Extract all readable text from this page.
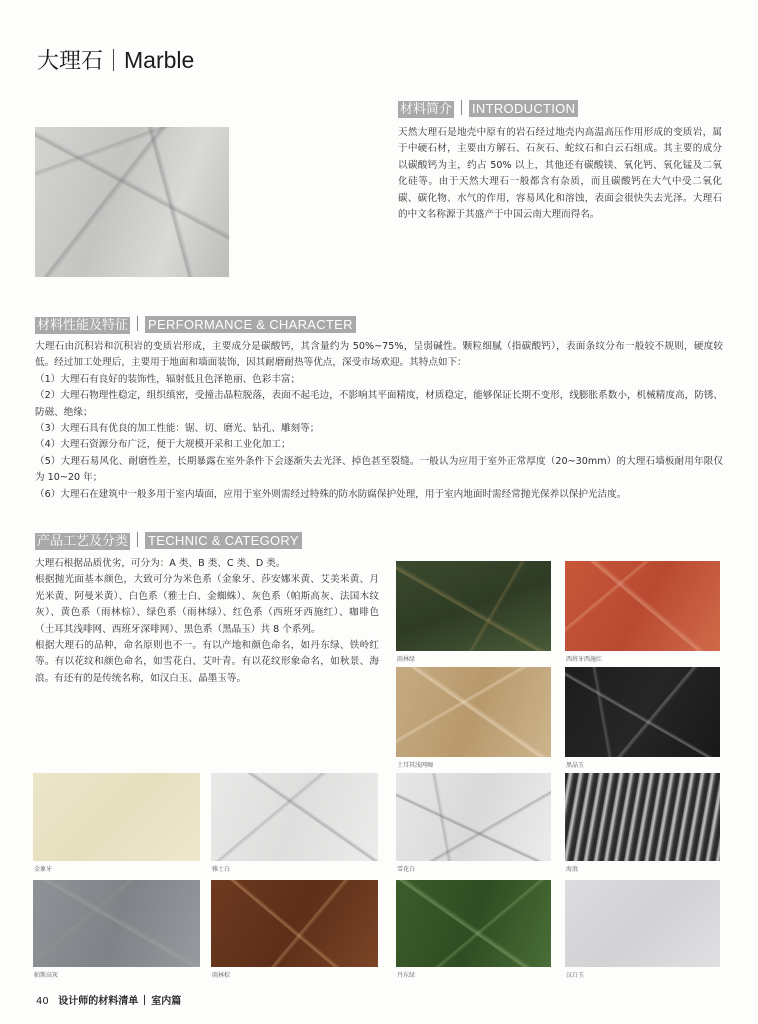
大理石 Marble
材料简介 INTRODUCTION
天然大理石是地壳中原有的岩石经过地壳内高温高压作用形成的变质岩，属于中硬石材，主要由方解石、石灰石、蛇纹石和白云石组成。其主要的成分以碳酸钙为主，约占 50% 以上，其他还有碳酸镁、氧化钙、氧化锰及二氧化硅等。由于天然大理石一般都含有杂质，而且碳酸钙在大气中受二氧化碳、碳化物、水气的作用，容易风化和溶蚀，表面会很快失去光泽。大理石的中文名称源于其盛产于中国云南大理而得名。
材料性能及特征 PERFORMANCE & CHARACTER
大理石由沉积岩和沉积岩的变质岩形成，主要成分是碳酸钙，其含量约为 50%~75%，呈弱碱性。颗粒细腻（指碳酸钙），表面条纹分布一般较不规则，硬度较低。经过加工处理后，主要用于地面和墙面装饰，因其耐磨耐热等优点，深受市场欢迎。其特点如下：
（1）大理石有良好的装饰性，辐射低且色泽艳丽、色彩丰富；
（2）大理石物理性稳定，组织缜密，受撞击晶粒脱落，表面不起毛边，不影响其平面精度，材质稳定，能够保证长期不变形，线膨胀系数小，机械精度高，防锈、防磁、绝缘；
（3）大理石具有优良的加工性能：锯、切、磨光、钻孔、雕刻等；
（4）大理石资源分布广泛，便于大规模开采和工业化加工；
（5）大理石易风化、耐磨性差，长期暴露在室外条件下会逐渐失去光泽、掉色甚至裂缝。一般认为应用于室外正常厚度（20~30mm）的大理石墙板耐用年限仅为 10~20 年；
（6）大理石在建筑中一般多用于室内墙面，应用于室外则需经过特殊的防水防腐保护处理，用于室内地面时需经常抛光保养以保护光洁度。
产品工艺及分类 TECHNIC & CATEGORY
大理石根据品质优劣，可分为：A 类、B 类、C 类、D 类。
根据抛光面基本颜色，大致可分为米色系（金象牙、莎安娜米黄、艾美米黄、月光米黄、阿曼米黄）、白色系（雅士白、金蜘蛛）、灰色系（帕斯高灰、法国木纹灰）、黄色系（雨林棕）、绿色系（雨林绿）、红色系（西班牙西施红）、咖啡色（土耳其浅啡网、西班牙深啡网）、黑色系（黑晶玉）共 8 个系列。
根据大理石的品种，命名原则也不一。有以产地和颜色命名，如丹东绿、铁岭红等。有以花纹和颜色命名，如雪花白、艾叶青。有以花纹形象命名，如秋景、海浪。有还有的是传统名称，如汉白玉、晶墨玉等。
雨林绿	西班牙西施红
土耳其浅网咖	黑晶玉
金象牙	雅士白	雪花白	海浪
帕斯高灰	雨林棕	丹东绿	汉白玉
40 设计师的材料清单 室内篇
